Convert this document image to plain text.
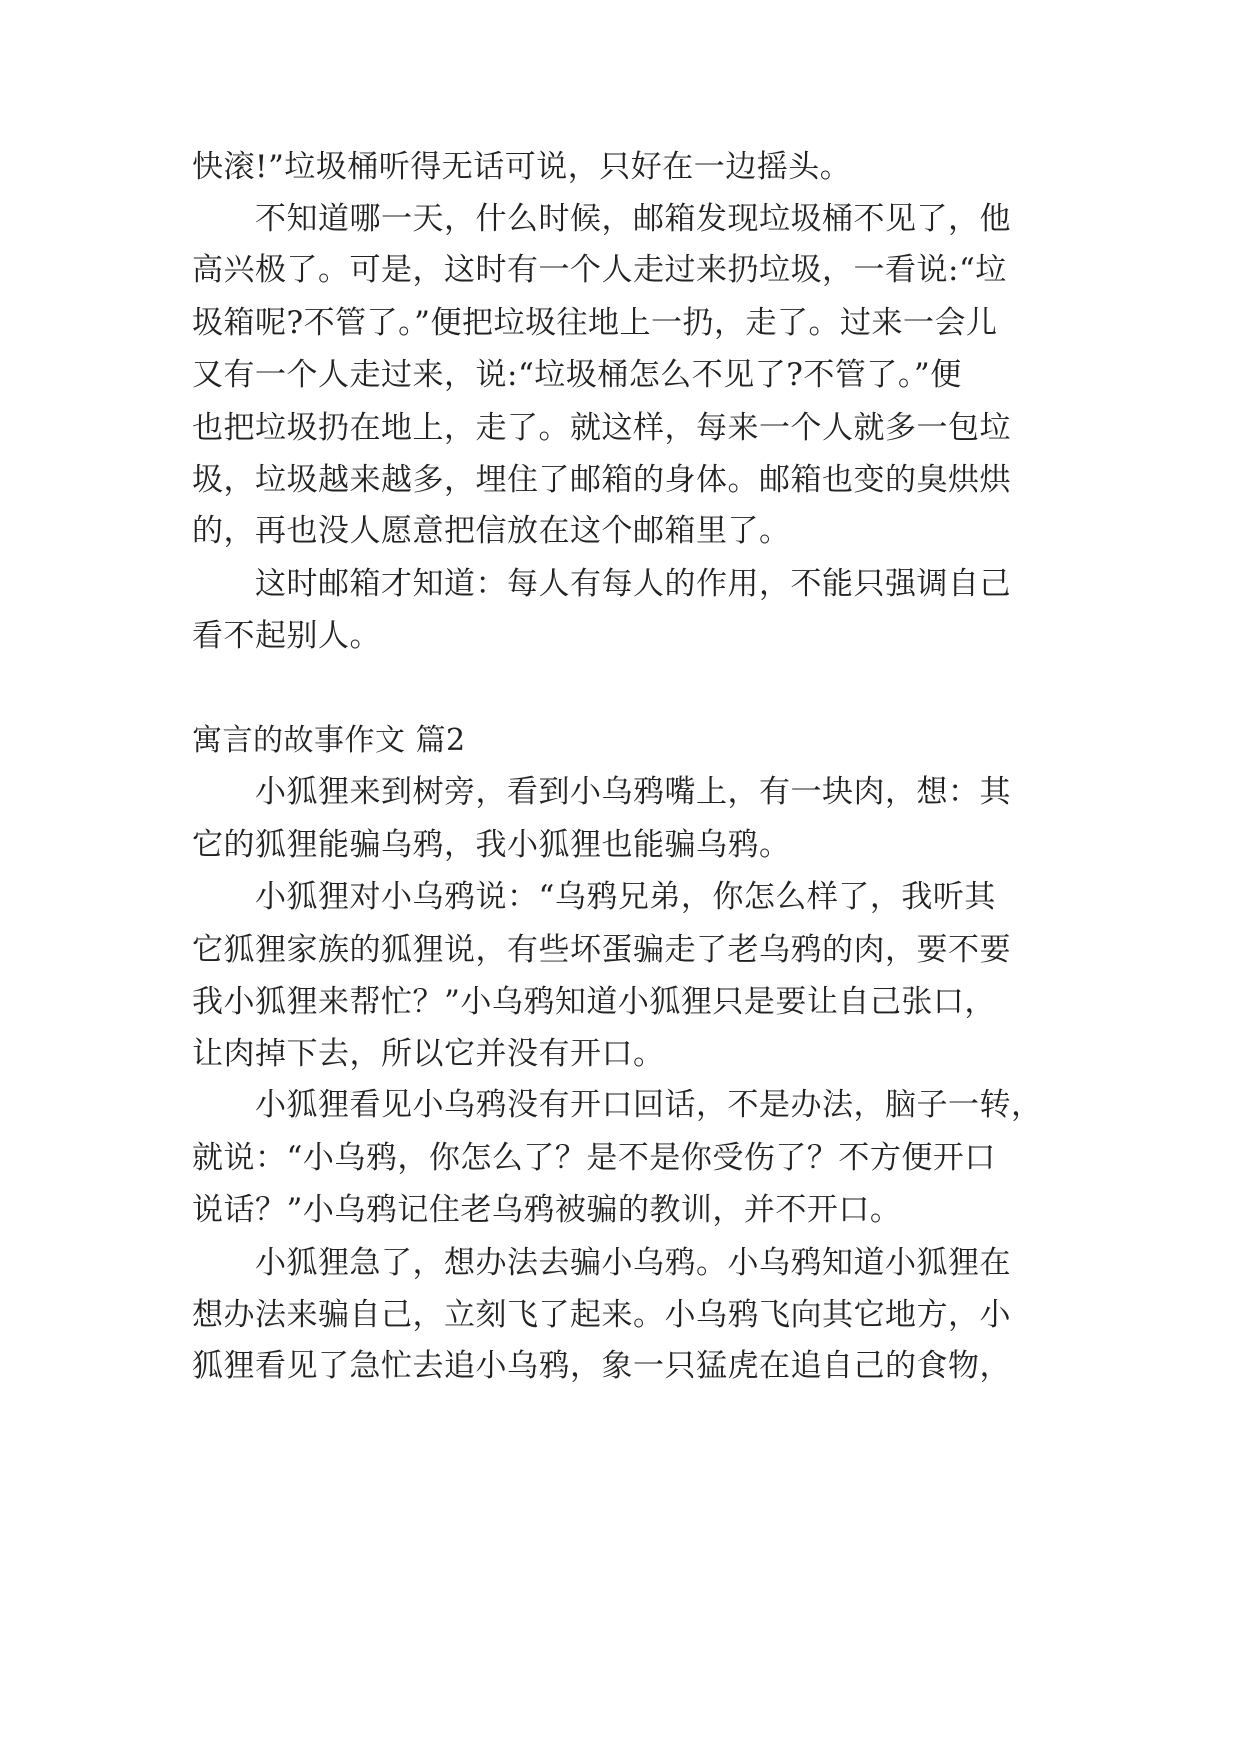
快滚!”垃圾桶听得无话可说，只好在一边摇头。
不知道哪一天，什么时候，邮箱发现垃圾桶不见了，他
高兴极了。可是，这时有一个人走过来扔垃圾，一看说:“垃
圾箱呢?不管了。”便把垃圾往地上一扔，走了。过来一会儿
又有一个人走过来，说:“垃圾桶怎么不见了?不管了。”便
也把垃圾扔在地上，走了。就这样，每来一个人就多一包垃
圾，垃圾越来越多，埋住了邮箱的身体。邮箱也变的臭烘烘
的，再也没人愿意把信放在这个邮箱里了。
这时邮箱才知道：每人有每人的作用，不能只强调自己
看不起别人。
寓言的故事作文 篇2
小狐狸来到树旁，看到小乌鸦嘴上，有一块肉，想：其
它的狐狸能骗乌鸦，我小狐狸也能骗乌鸦。
小狐狸对小乌鸦说：“乌鸦兄弟，你怎么样了，我听其
它狐狸家族的狐狸说，有些坏蛋骗走了老乌鸦的肉，要不要
我小狐狸来帮忙？”小乌鸦知道小狐狸只是要让自己张口，
让肉掉下去，所以它并没有开口。
小狐狸看见小乌鸦没有开口回话，不是办法，脑子一转，
就说：“小乌鸦，你怎么了？是不是你受伤了？不方便开口
说话？”小乌鸦记住老乌鸦被骗的教训，并不开口。
小狐狸急了，想办法去骗小乌鸦。小乌鸦知道小狐狸在
想办法来骗自己，立刻飞了起来。小乌鸦飞向其它地方，小
狐狸看见了急忙去追小乌鸦，象一只猛虎在追自己的食物，
